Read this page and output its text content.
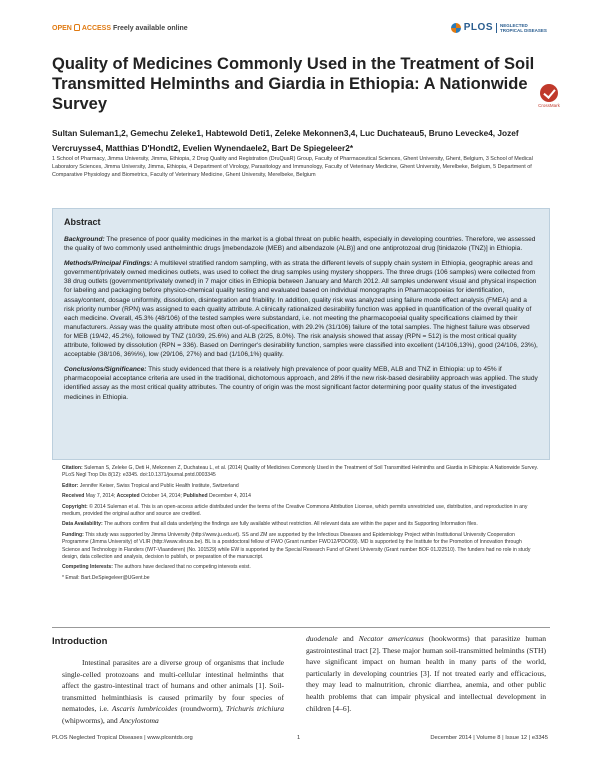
OPEN ACCESS Freely available online	PLOS	NEGLECTED TROPICAL DISEASES
Quality of Medicines Commonly Used in the Treatment of Soil Transmitted Helminths and Giardia in Ethiopia: A Nationwide Survey	CrossMark
Sultan Suleman1,2, Gemechu Zeleke1, Habtewold Deti1, Zeleke Mekonnen3,4, Luc Duchateau5, Bruno Levecke4, Jozef Vercruysse4, Matthias D'Hondt2, Evelien Wynendaele2, Bart De Spiegeleer2*
1 School of Pharmacy, Jimma University, Jimma, Ethiopia, 2 Drug Quality and Registration (DruQuaR) Group, Faculty of Pharmaceutical Sciences, Ghent University, Ghent, Belgium, 3 School of Medical Laboratory Sciences, Jimma University, Jimma, Ethiopia, 4 Department of Virology, Parasitology and Immunology, Faculty of Veterinary Medicine, Ghent University, Merelbeke, Belgium, 5 Department of Comparative Physiology and Biometrics, Faculty of Veterinary Medicine, Ghent University, Merelbeke, Belgium
Abstract

Background: The presence of poor quality medicines in the market is a global threat on public health, especially in developing countries. Therefore, we assessed the quality of two commonly used anthelminthic drugs [mebendazole (MEB) and albendazole (ALB)] and one antiprotozoal drug [tinidazole (TNZ)] in Ethiopia.

Methods/Principal Findings: A multilevel stratified random sampling, with as strata the different levels of supply chain system in Ethiopia, geographic areas and government/privately owned medicines outlets, was used to collect the drug samples using mystery shoppers. The three drugs (106 samples) were collected from 38 drug outlets (government/privately owned) in 7 major cities in Ethiopia between January and March 2012. All samples underwent visual and physical inspection for labeling and packaging before physico-chemical quality testing and evaluated based on individual monographs in Pharmacopoeias for identification, assay/content, dosage uniformity, dissolution, disintegration and friability. In addition, quality risk was analyzed using failure mode effect analysis (FMEA) and a risk priority number (RPN) was assigned to each quality attribute. A clinically rationalized desirability function was applied in quantification of the overall quality of each medicine. Overall, 45.3% (48/106) of the tested samples were substandard, i.e. not meeting the pharmacopoeial quality specifications claimed by their manufacturers. Assay was the quality attribute most often out-of-specification, with 29.2% (31/106) failure of the total samples. The highest failure was observed for MEB (19/42, 45.2%), followed by TNZ (10/39, 25.6%) and ALB (2/25, 8.0%). The risk analysis showed that assay (RPN = 512) is the most critical quality attribute, followed by dissolution (RPN = 336). Based on Derringer's desirability function, samples were classified into excellent (14/106,13%), good (24/106, 23%), acceptable (38/106, 36%%), low (29/106, 27%) and bad (1/106,1%) quality.

Conclusions/Significance: This study evidenced that there is a relatively high prevalence of poor quality MEB, ALB and TNZ in Ethiopia: up to 45% if pharmacopoeial acceptance criteria are used in the traditional, dichotomous approach, and 28% if the new risk-based desirability approach was applied. The study identified assay as the most critical quality attributes. The country of origin was the most significant factor determining poor quality status of the investigated medicines in Ethiopia.

Citation: Suleman S, Zeleke G, Deti H, Mekonnen Z, Duchateau L, et al. (2014) Quality of Medicines Commonly Used in the Treatment of Soil Transmitted Helminths and Giardia in Ethiopia: A Nationwide Survey. PLoS Negl Trop Dis 8(12): e3345. doi:10.1371/journal.pntd.0003345

Editor: Jennifer Keiser, Swiss Tropical and Public Health Institute, Switzerland

Received May 7, 2014; Accepted October 14, 2014; Published December 4, 2014

Copyright: © 2014 Suleman et al. This is an open-access article distributed under the terms of the Creative Commons Attribution License, which permits unrestricted use, distribution, and reproduction in any medium, provided the original author and source are credited.

Data Availability: The authors confirm that all data underlying the findings are fully available without restriction. All relevant data are within the paper and its Supporting Information files.

Funding: This study was supported by Jimma University (http://www.ju.edu.et). SS and ZM are supported by the Infectious Diseases and Epidemiology Project within Institutional University Cooperation Programme (Jimma University) of VLIR (http://www.vliruos.be). BL is a postdoctoral fellow of FWO (Grant number FWO12/PDO/09). MD is supported by the Institute for the Promotion of Innovation through Science and Technology in Flanders (IWT-Vlaanderen) (No. 101529) while EW is supported by the Special Research Fund of Ghent University (Grant number BOF 01J22510). The funders had no role in study design, data collection and analysis, decision to publish, or preparation of the manuscript.

Competing Interests: The authors have declared that no competing interests exist.

* Email: Bart.DeSpiegeleer@UGent.be

Introduction

Intestinal parasites are a diverse group of organisms that include single-celled protozoans and multi-cellular intestinal helminths that affect the gastro-intestinal tract of humans and other animals [1]. Soil-transmitted helminthiasis is caused primarily by four species of nematodes, i.e. Ascaris lumbricoides (roundworm), Trichuris trichiura (whipworms), and Ancylostoma

duodenale and Necator americanus (hookworms) that parasitize human gastrointestinal tract [2]. These major human soil-transmitted helminths (STH) have significant impact on human health in many parts of the world, particularly in developing countries [3]. If not treated early and efficacious, they may lead to malnutrition, chronic diarrhea, anemia, and other public health problems that can impair physical and intellectual development in children [4–6].

PLOS Neglected Tropical Diseases | www.plosntds.org	1	December 2014 | Volume 8 | Issue 12 | e3345
